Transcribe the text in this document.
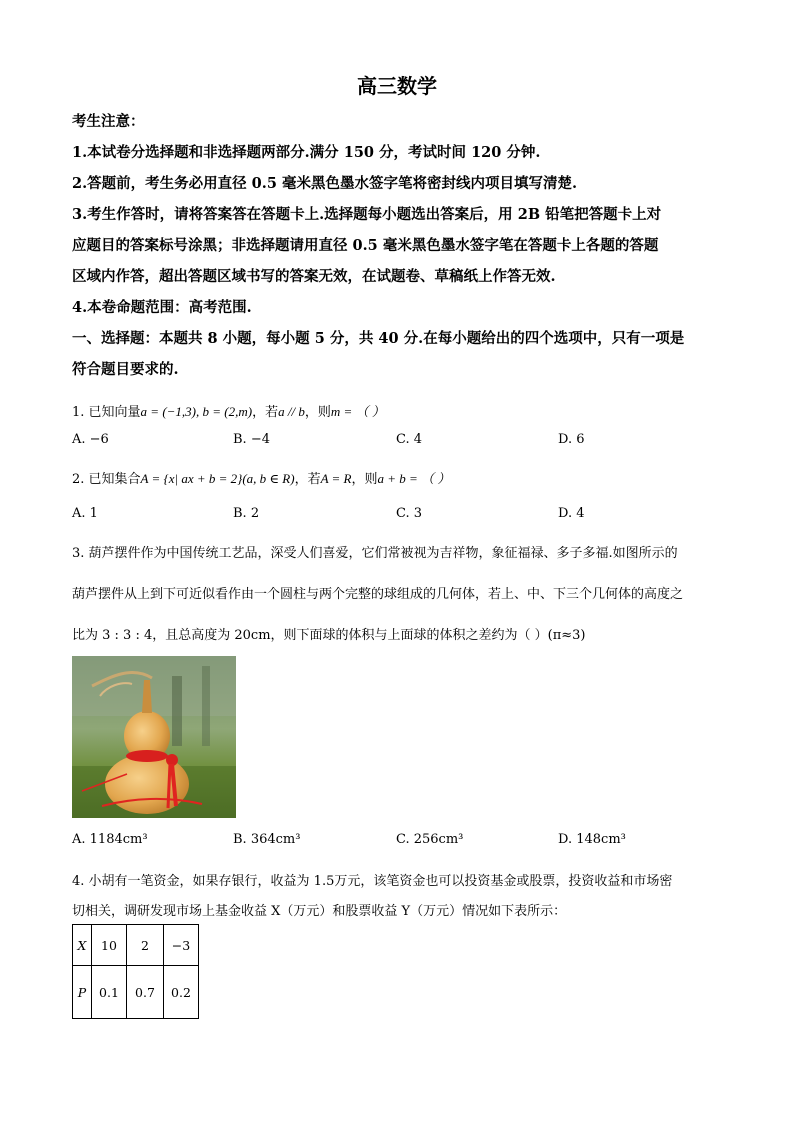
高三数学
考生注意：
1.本试卷分选择题和非选择题两部分.满分 150 分，考试时间 120 分钟.
2.答题前，考生务必用直径 0.5 毫米黑色墨水签字笔将密封线内项目填写清楚.
3.考生作答时，请将答案答在答题卡上.选择题每小题选出答案后，用 2B 铅笔把答题卡上对
应题目的答案标号涂黑；非选择题请用直径 0.5 毫米黑色墨水签字笔在答题卡上各题的答题
区域内作答，超出答题区域书写的答案无效，在试题卷、草稿纸上作答无效.
4.本卷命题范围：高考范围.
一、选择题：本题共 8 小题，每小题 5 分，共 40 分.在每小题给出的四个选项中，只有一项是
符合题目要求的.
1. 已知向量a = (−1,3), b = (2,m)，若a // b，则m = （ ）
A. −6	B. −4	C. 4	D. 6
2. 已知集合A = {x| ax + b = 2}(a, b ∈ R)，若A = R，则a + b = （ ）
A. 1	B. 2	C. 3	D. 4
3. 葫芦摆件作为中国传统工艺品，深受人们喜爱，它们常被视为吉祥物，象征福禄、多子多福.如图所示的
葫芦摆件从上到下可近似看作由一个圆柱与两个完整的球组成的几何体，若上、中、下三个几何体的高度之
比为 3 : 3 : 4，且总高度为 20cm，则下面球的体积与上面球的体积之差约为（ ）(π≈3)
A. 1184cm³	B. 364cm³	C. 256cm³	D. 148cm³
4. 小胡有一笔资金，如果存银行，收益为 1.5万元，该笔资金也可以投资基金或股票，投资收益和市场密
切相关，调研发现市场上基金收益 X（万元）和股票收益 Y（万元）情况如下表所示：
X	10	2	−3
P	0.1	0.7	0.2
